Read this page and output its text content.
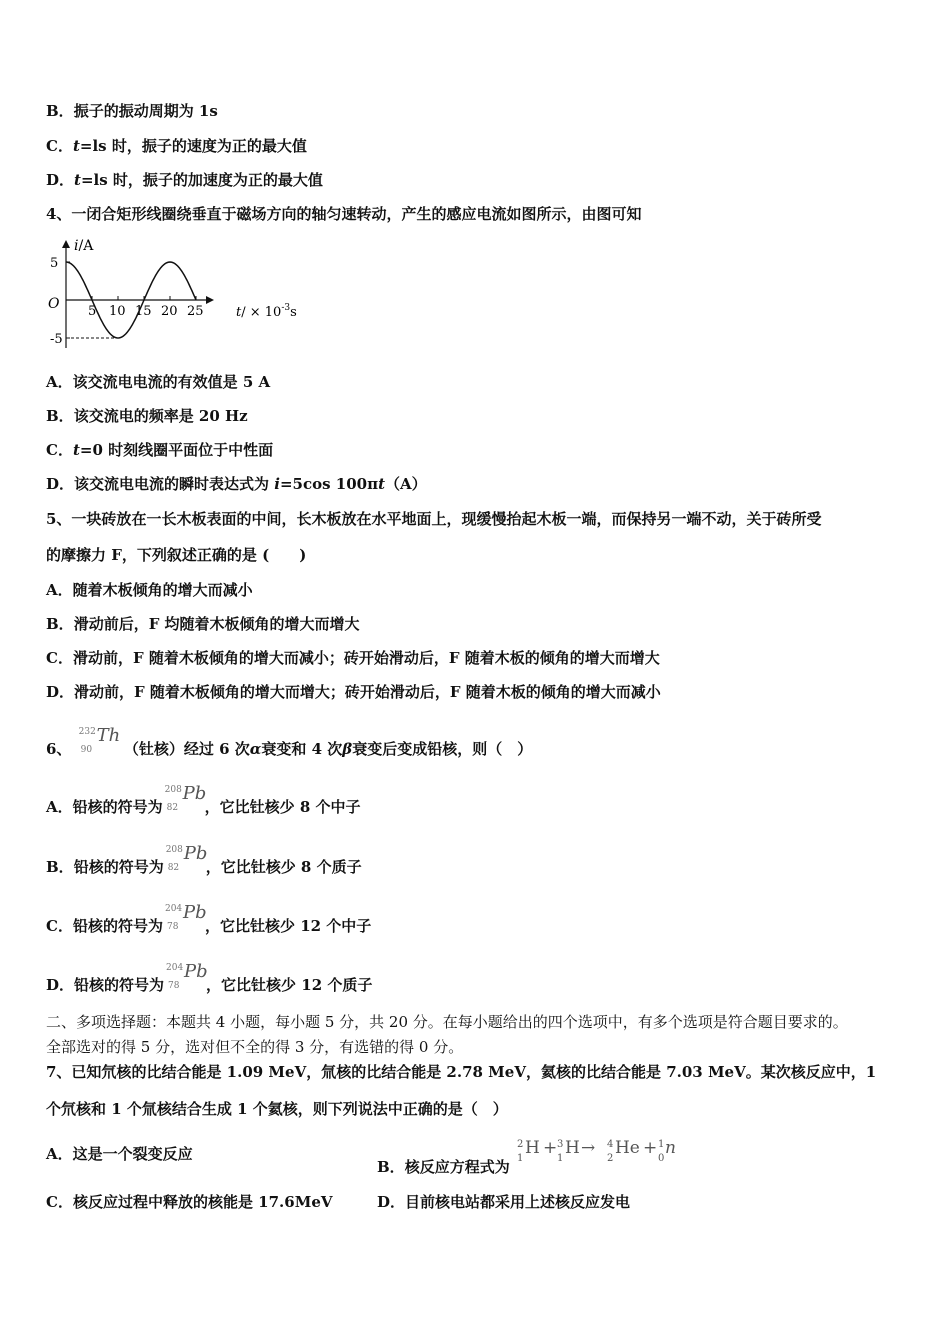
B．振子的振动周期为 1s
C．t=ls 时，振子的速度为正的最大值
D．t=ls 时，振子的加速度为正的最大值
4、一闭合矩形线圈绕垂直于磁场方向的轴匀速转动，产生的感应电流如图所示，由图可知
5
-5
5 10 15 20 25
i/A
O
$t/ \times 10^{-3}s$
A．该交流电电流的有效值是 5 A
B．该交流电的频率是 20 Hz
C．t=0 时刻线圈平面位于中性面
D．该交流电电流的瞬时表达式为 i=5cos 100πt（A）
5、一块砖放在一长木板表面的中间，长木板放在水平地面上，现缓慢抬起木板一端，而保持另一端不动，关于砖所受
的摩擦力 F，下列叙述正确的是 (　　)
A．随着木板倾角的增大而减小
B．滑动前后，F 均随着木板倾角的增大而增大
C．滑动前，F 随着木板倾角的增大而减小；砖开始滑动后，F 随着木板的倾角的增大而增大
D．滑动前，F 随着木板倾角的增大而增大；砖开始滑动后，F 随着木板的倾角的增大而减小
6、
232
90
Th
（钍核）经过 6 次α衰变和 4 次β衰变后变成铅核，则（　）
A．铅核的符号为
208
82
Pb
，它比钍核少 8 个中子
B．铅核的符号为
208
82
Pb
，它比钍核少 8 个质子
C．铅核的符号为
204
78
Pb
，它比钍核少 12 个中子
D．铅核的符号为
204
78
Pb
，它比钍核少 12 个质子
二、多项选择题：本题共 4 小题，每小题 5 分，共 20 分。在每小题给出的四个选项中，有多个选项是符合题目要求的。
全部选对的得 5 分，选对但不全的得 3 分，有选错的得 0 分。
7、已知氘核的比结合能是 1.09 MeV，氚核的比结合能是 2.78 MeV，氦核的比结合能是 7.03 MeV。某次核反应中，1
个氘核和 1 个氚核结合生成 1 个氦核，则下列说法中正确的是（　）
A．这是一个裂变反应
B．核反应方程式为
2
1
H + 3
1
H → 4
2
He + 1
0
n
C．核反应过程中释放的核能是 17.6MeV	D．目前核电站都采用上述核反应发电
